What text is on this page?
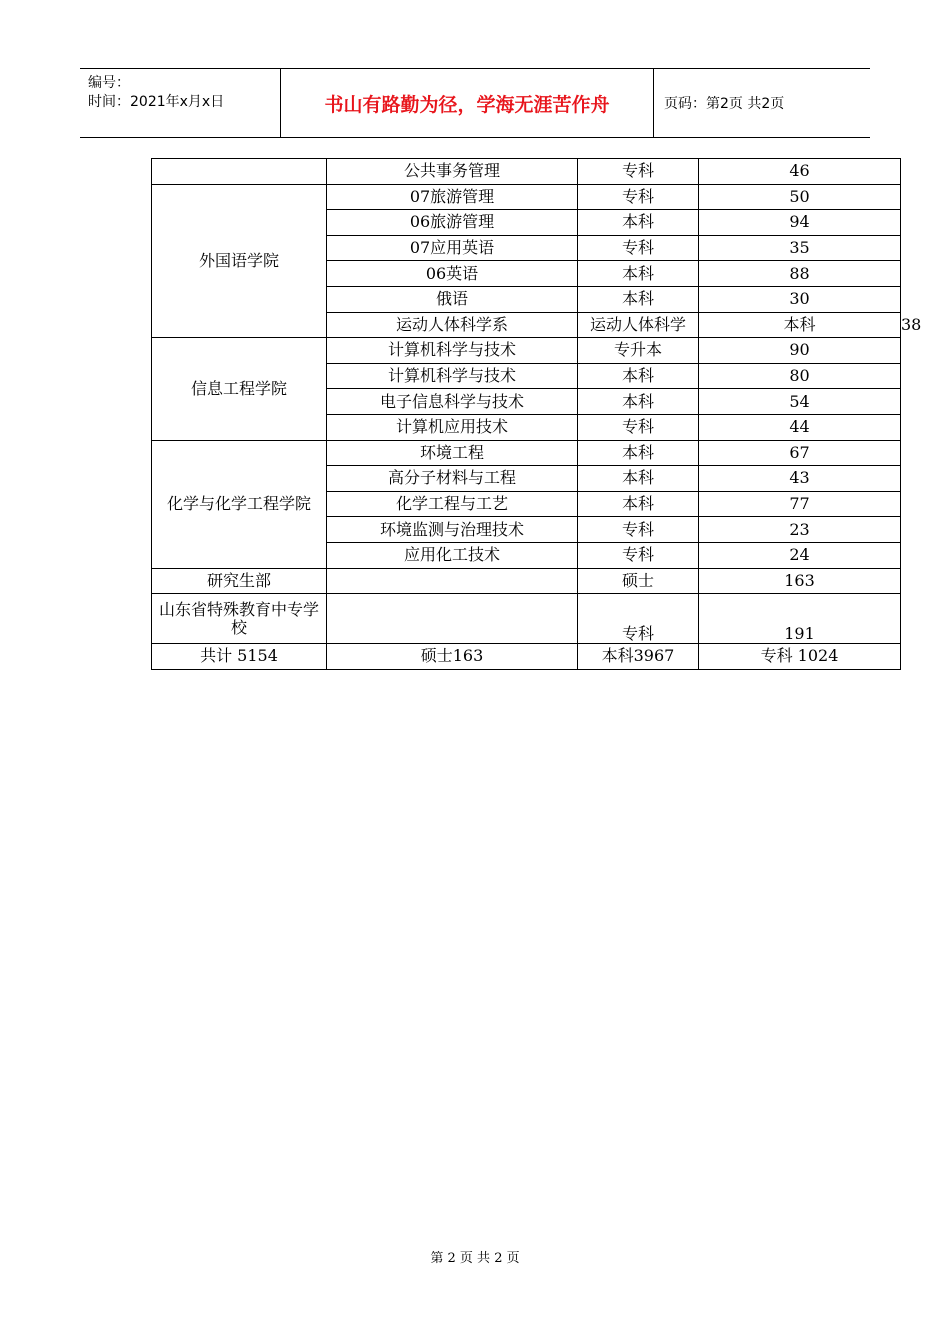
编号：
时间：2021年x月x日	书山有路勤为径，学海无涯苦作舟	页码：第2页 共2页
	公共事务管理	专科	46	
外国语学院	07旅游管理	专科	50	
	06旅游管理	本科	94	
	07应用英语	专科	35	
	06英语	本科	88	
	俄语	本科	30	
	运动人体科学系	运动人体科学	本科	38
信息工程学院	计算机科学与技术	专升本	90	
	计算机科学与技术	本科	80	
	电子信息科学与技术	本科	54	
	计算机应用技术	专科	44	
化学与化学工程学院	环境工程	本科	67	
	高分子材料与工程	本科	43	
	化学工程与工艺	本科	77	
	环境监测与治理技术	专科	23	
	应用化工技术	专科	24	
研究生部		硕士	163	
山东省特殊教育中专学校		专科	191	
共计 5154	硕士163	本科3967	专科 1024	
第 2 页 共 2 页
